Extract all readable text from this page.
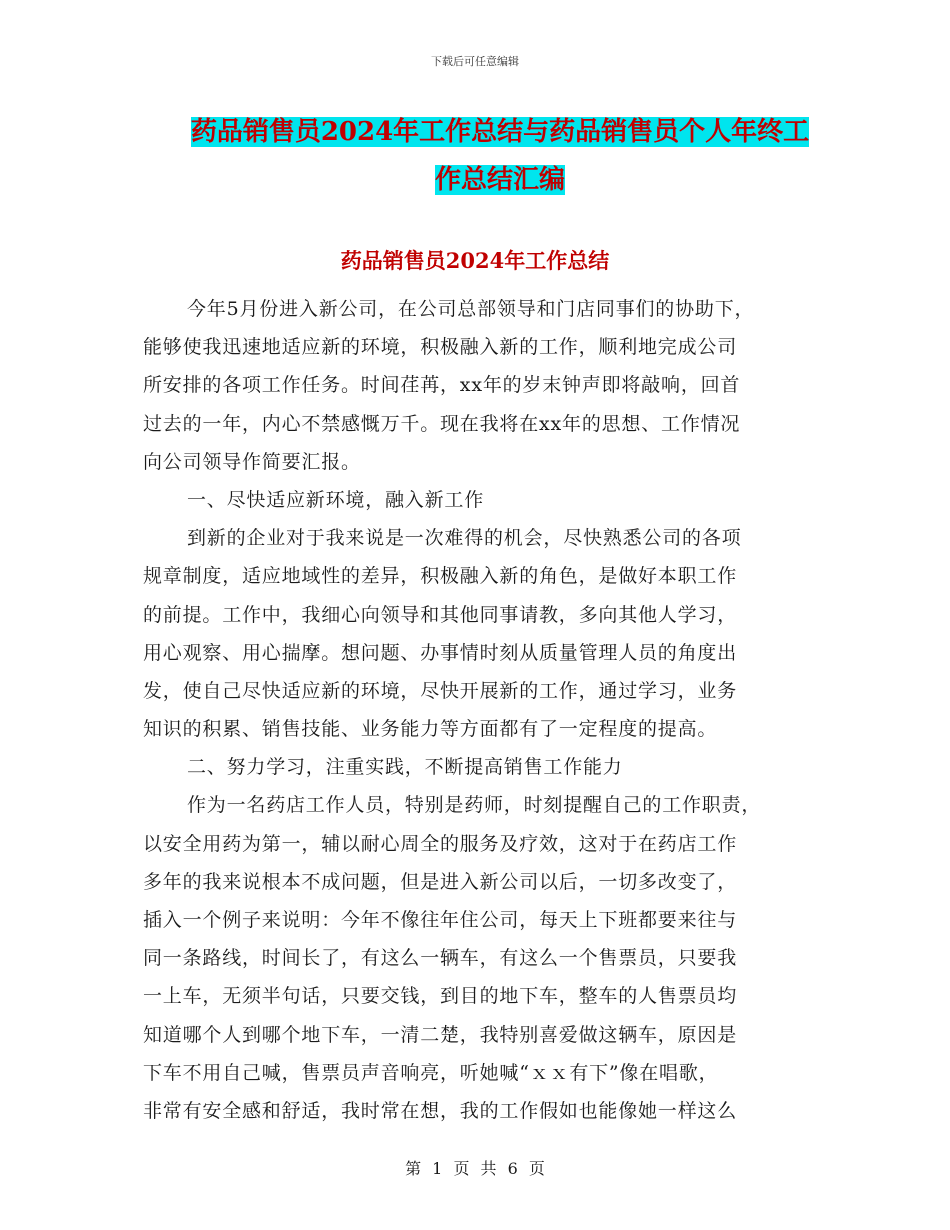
下载后可任意编辑
药品销售员2024年工作总结与药品销售员个人年终工
作总结汇编
药品销售员2024年工作总结
今年5月份进入新公司，在公司总部领导和门店同事们的协助下，
能够使我迅速地适应新的环境，积极融入新的工作，顺利地完成公司
所安排的各项工作任务。时间荏苒，xx年的岁末钟声即将敲响，回首
过去的一年，内心不禁感慨万千。现在我将在xx年的思想、工作情况
向公司领导作简要汇报。
一、尽快适应新环境，融入新工作
到新的企业对于我来说是一次难得的机会，尽快熟悉公司的各项
规章制度，适应地域性的差异，积极融入新的角色，是做好本职工作
的前提。工作中，我细心向领导和其他同事请教，多向其他人学习，
用心观察、用心揣摩。想问题、办事情时刻从质量管理人员的角度出
发，使自己尽快适应新的环境，尽快开展新的工作，通过学习，业务
知识的积累、销售技能、业务能力等方面都有了一定程度的提高。
二、努力学习，注重实践，不断提高销售工作能力
作为一名药店工作人员，特别是药师，时刻提醒自己的工作职责，
以安全用药为第一，辅以耐心周全的服务及疗效，这对于在药店工作
多年的我来说根本不成问题，但是进入新公司以后，一切多改变了，
插入一个例子来说明：今年不像往年住公司，每天上下班都要来往与
同一条路线，时间长了，有这么一辆车，有这么一个售票员，只要我
一上车，无须半句话，只要交钱，到目的地下车，整车的人售票员均
知道哪个人到哪个地下车，一清二楚，我特别喜爱做这辆车，原因是
下车不用自己喊，售票员声音响亮，听她喊“ｘｘ有下”像在唱歌，
非常有安全感和舒适，我时常在想，我的工作假如也能像她一样这么
第 1 页 共 6 页
